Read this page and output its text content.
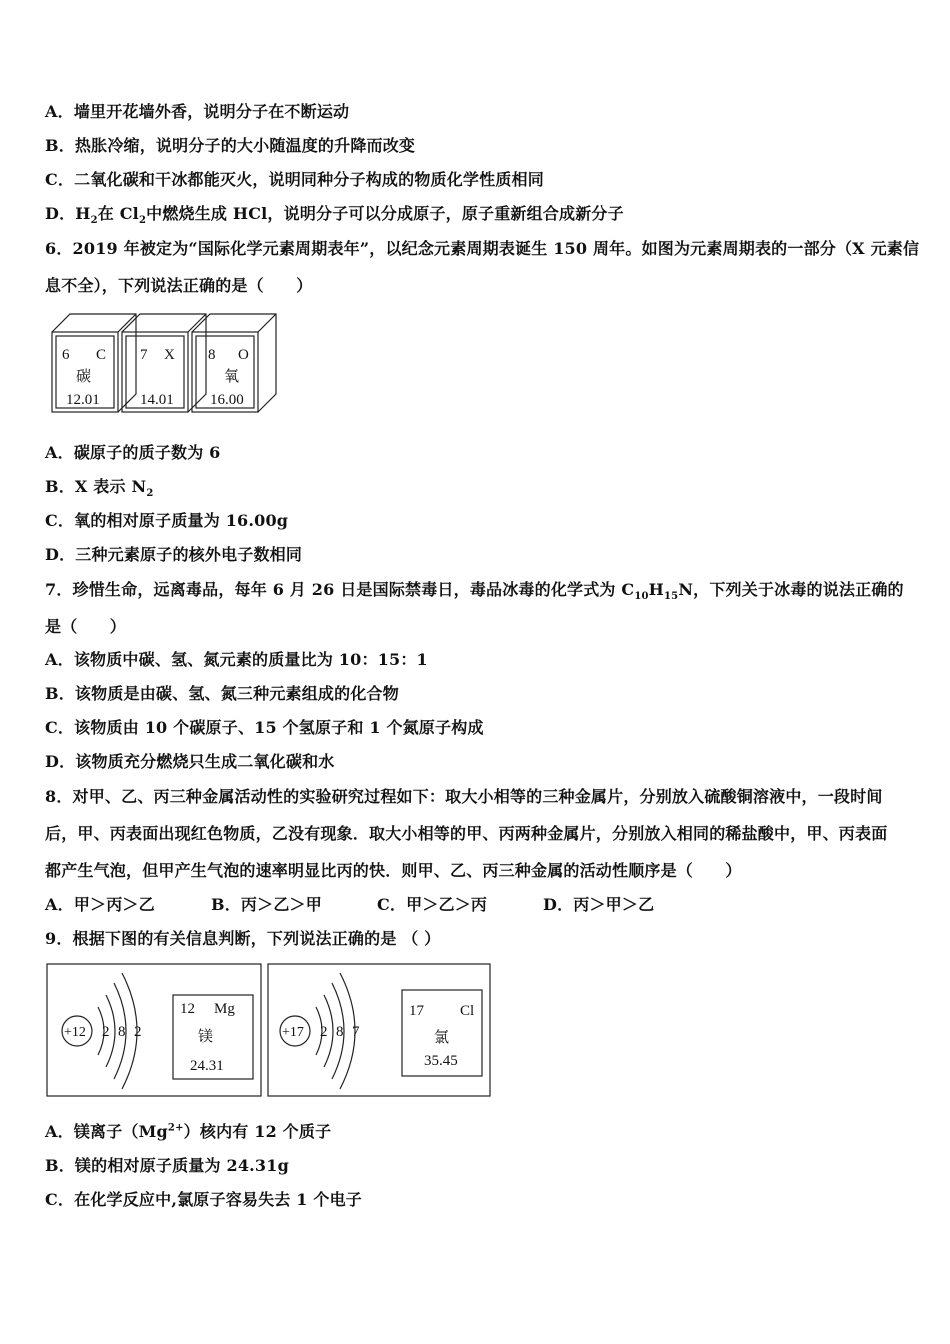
A．墙里开花墙外香，说明分子在不断运动
B．热胀冷缩，说明分子的大小随温度的升降而改变
C．二氧化碳和干冰都能灭火，说明同种分子构成的物质化学性质相同
D．$H_2$在 $Cl_2$中燃烧生成 HCl，说明分子可以分成原子，原子重新组合成新分子
6．2019 年被定为“国际化学元素周期表年”，以纪念元素周期表诞生 150 周年。如图为元素周期表的一部分（X 元素信
息不全），下列说法正确的是（　　）
6 C
碳
12.01
7 X
14.01
8 O
氧
16.00
A．碳原子的质子数为 6
B．X 表示 $N_2$
C．氧的相对原子质量为 16.00g
D．三种元素原子的核外电子数相同
7．珍惜生命，远离毒品，每年 6 月 26 日是国际禁毒日，毒品冰毒的化学式为 $C_{10}H_{15}N$，下列关于冰毒的说法正确的
是（　　）
A．该物质中碳、氢、氮元素的质量比为 10：15：1
B．该物质是由碳、氢、氮三种元素组成的化合物
C．该物质由 10 个碳原子、15 个氢原子和 1 个氮原子构成
D．该物质充分燃烧只生成二氧化碳和水
8．对甲、乙、丙三种金属活动性的实验研究过程如下：取大小相等的三种金属片，分别放入硫酸铜溶液中，一段时间
后，甲、丙表面出现红色物质，乙没有现象．取大小相等的甲、丙两种金属片，分别放入相同的稀盐酸中，甲、丙表面
都产生气泡，但甲产生气泡的速率明显比丙的快．则甲、乙、丙三种金属的活动性顺序是（　　）
A．甲＞丙＞乙	B．丙＞乙＞甲	C．甲＞乙＞丙	D．丙＞甲＞乙
9．根据下图的有关信息判断，下列说法正确的是 （ ）
+12 2 8 2
12 Mg
镁
24.31
+17 2 8 7
17 Cl
氯
35.45
A．镁离子$(Mg^{2+})$核内有 12 个质子
B．镁的相对原子质量为 24.31g
C．在化学反应中,氯原子容易失去 1 个电子
